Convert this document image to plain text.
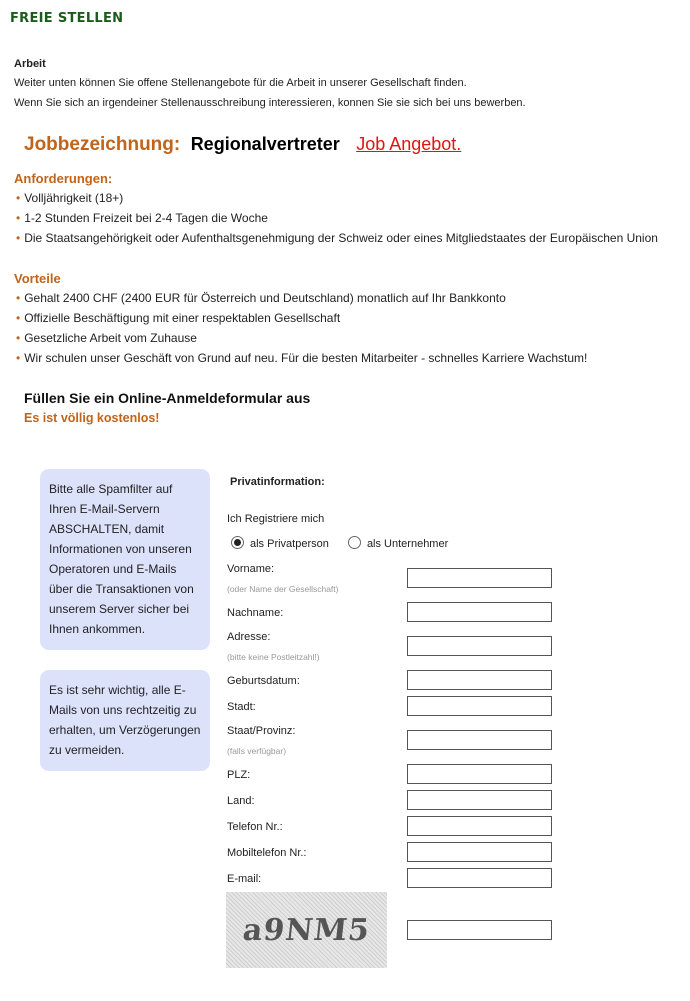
FREIE STELLEN
Arbeit
Weiter unten können Sie offene Stellenangebote für die Arbeit in unserer Gesellschaft finden.
Wenn Sie sich an irgendeiner Stellenausschreibung interessieren, konnen Sie sie sich bei uns bewerben.
Jobbezeichnung: Regionalvertreter Job Angebot.
Anforderungen:
• Volljährigkeit (18+)
• 1-2 Stunden Freizeit bei 2-4 Tagen die Woche
• Die Staatsangehörigkeit oder Aufenthaltsgenehmigung der Schweiz oder eines Mitgliedstaates der Europäischen Union
Vorteile
• Gehalt 2400 CHF (2400 EUR für Österreich und Deutschland) monatlich auf Ihr Bankkonto
• Offizielle Beschäftigung mit einer respektablen Gesellschaft
• Gesetzliche Arbeit vom Zuhause
• Wir schulen unser Geschäft von Grund auf neu. Für die besten Mitarbeiter - schnelles Karriere Wachstum!
Füllen Sie ein Online-Anmeldeformular aus
Es ist völlig kostenlos!
Bitte alle Spamfilter auf Ihren E-Mail-Servern ABSCHALTEN, damit Informationen von unseren Operatoren und E-Mails über die Transaktionen von unserem Server sicher bei Ihnen ankommen.
Es ist sehr wichtig, alle E-Mails von uns rechtzeitig zu erhalten, um Verzögerungen zu vermeiden.
Privatinformation:
Ich Registriere mich
als Privatperson	als Unternehmer
Vorname:
(oder Name der Gesellschaft)
Nachname:
Adresse:
(bitte keine Postleitzahl!)
Geburtsdatum:
Stadt:
Staat/Provinz:
(falls verfügbar)
PLZ:
Land:
Telefon Nr.:
Mobiltelefon Nr.:
E-mail:
a9NM5
